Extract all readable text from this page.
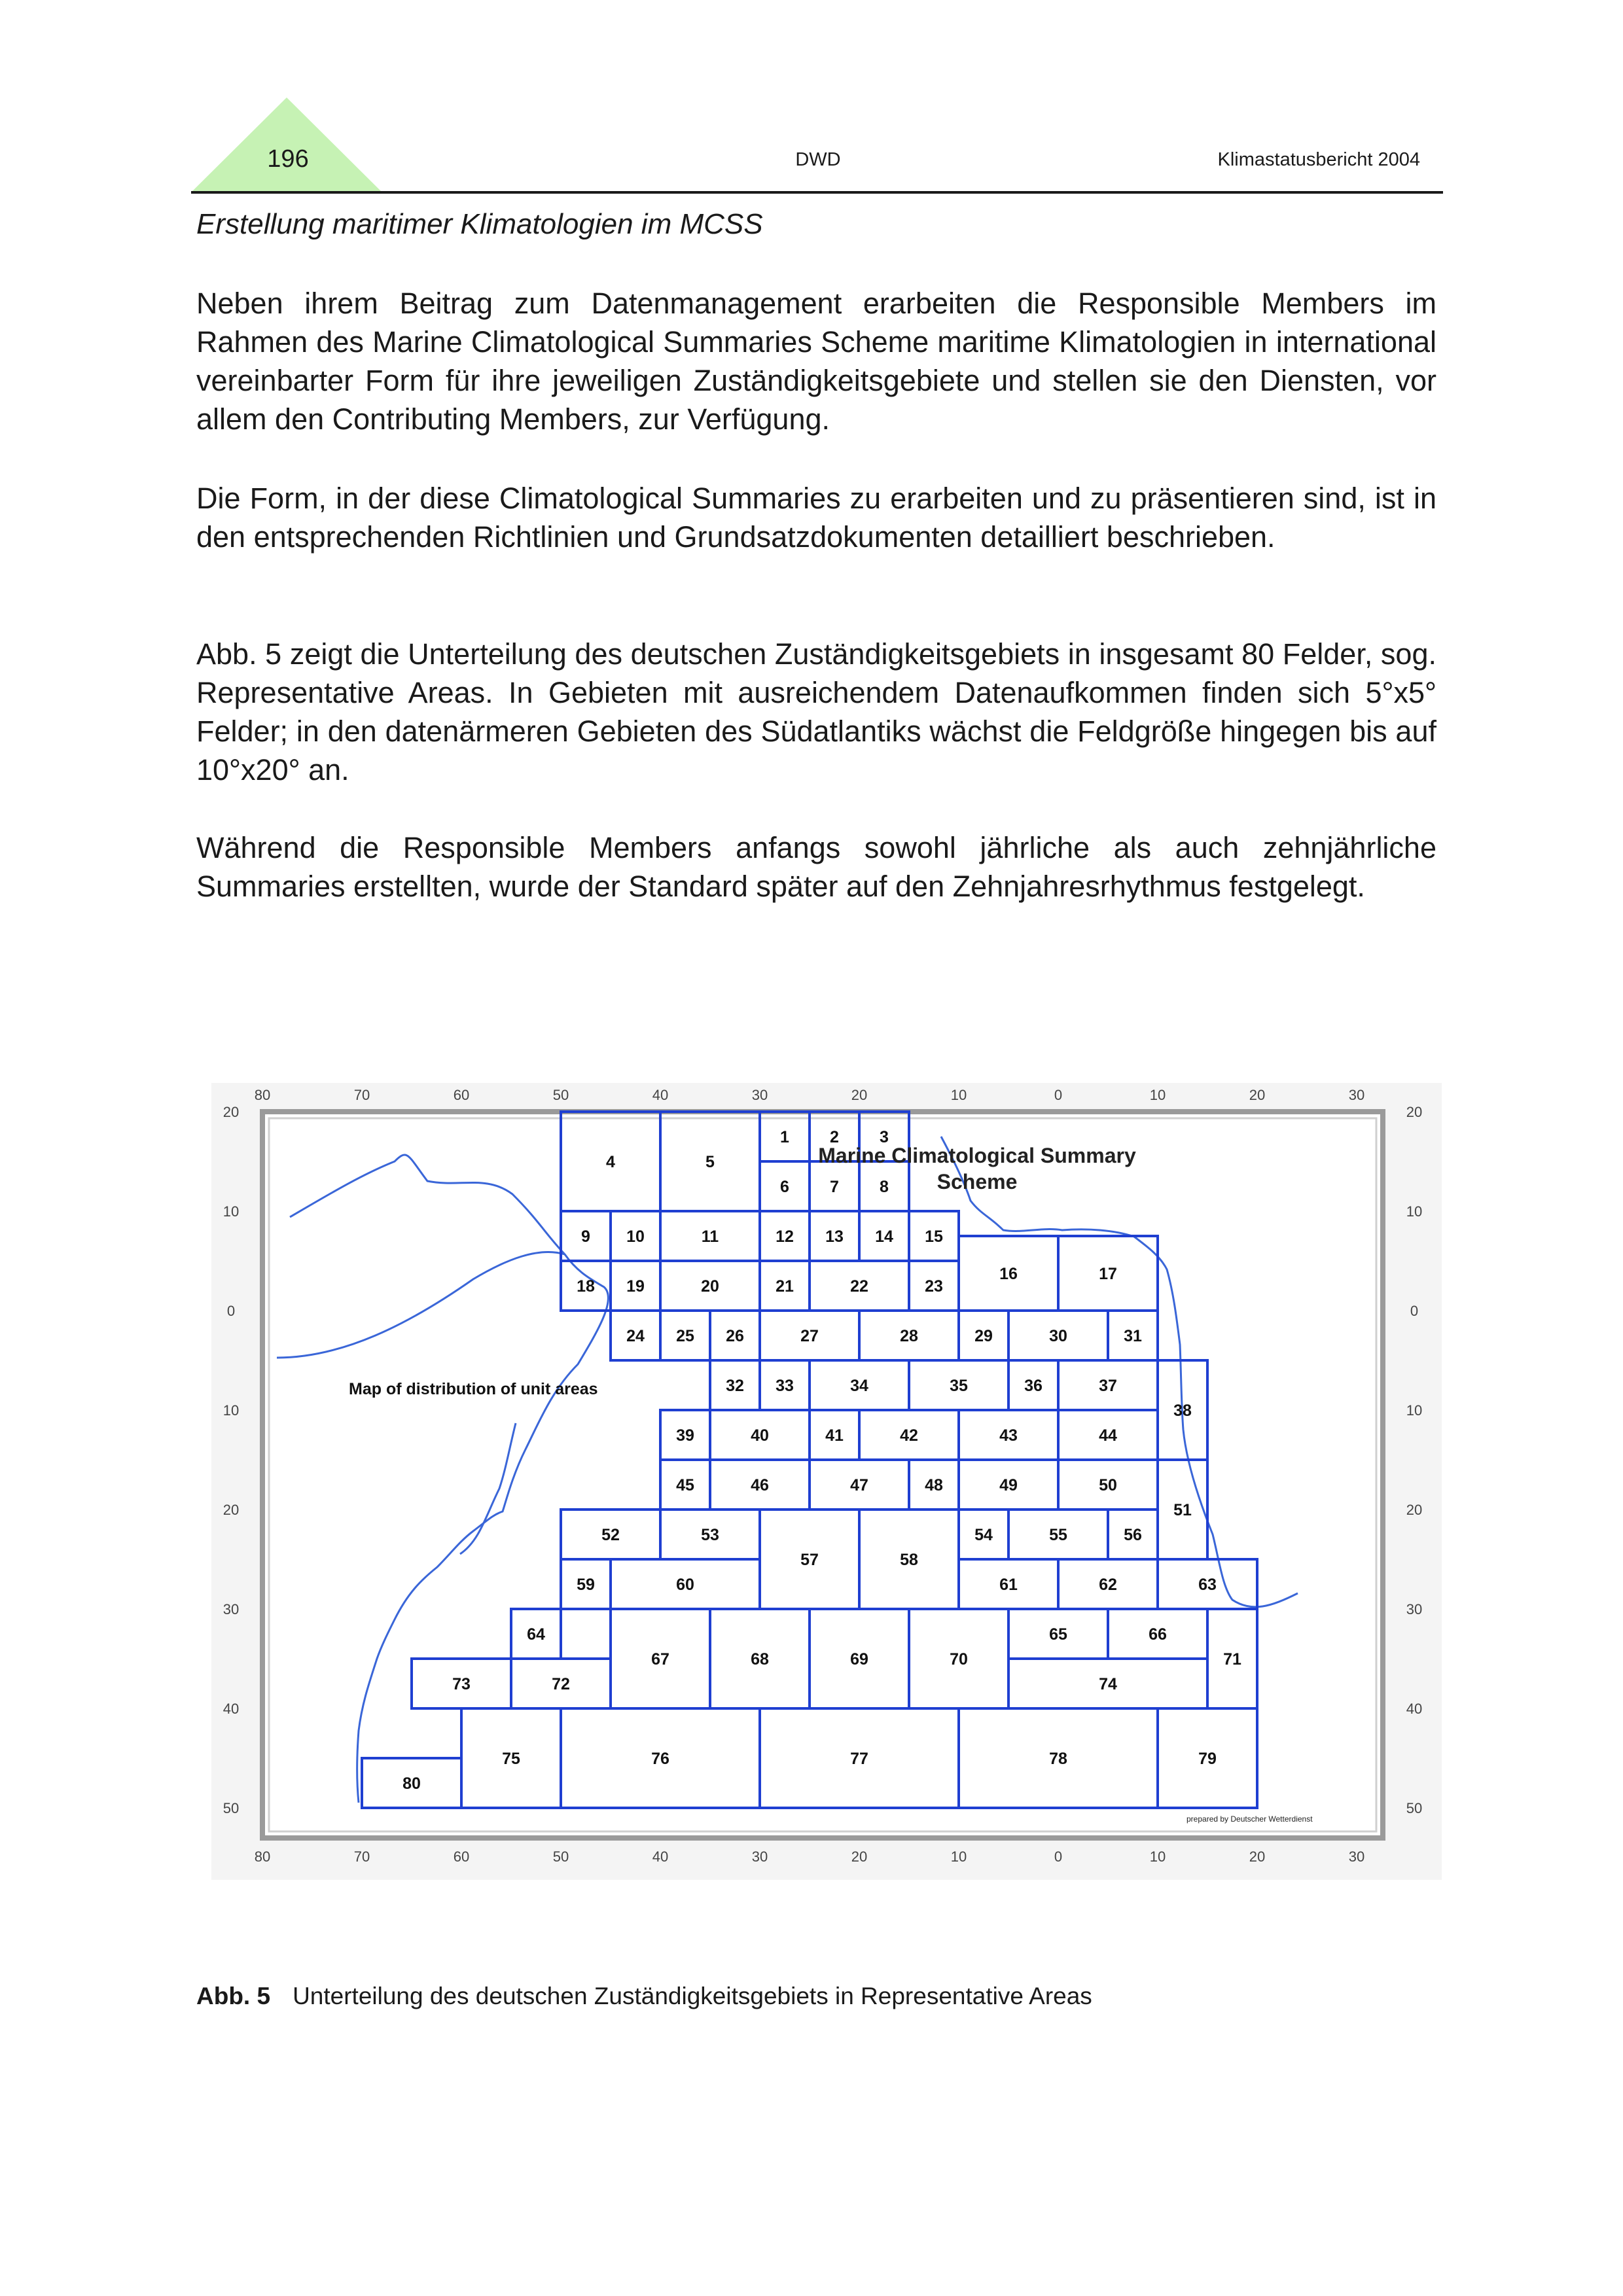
196	DWD	Klimastatusbericht 2004
Erstellung maritimer Klimatologien im MCSS

Neben ihrem Beitrag zum Datenmanagement erarbeiten die Responsible Members im Rahmen des Marine Climatological Summaries Scheme maritime Klimatologien in international vereinbarter Form für ihre jeweiligen Zuständigkeitsgebiete und stellen sie den Diensten, vor allem den Contributing Members, zur Verfügung.

Die Form, in der diese Climatological Summaries zu erarbeiten und zu präsentieren sind, ist in den entsprechenden Richtlinien und Grundsatzdokumenten detailliert beschrieben.

Abb. 5 zeigt die Unterteilung des deutschen Zuständigkeitsgebiets in insgesamt 80 Felder, sog. Representative Areas. In Gebieten mit ausreichendem Datenaufkommen finden sich 5°x5° Felder; in den datenärmeren Gebieten des Südatlantiks wächst die Feldgröße hingegen bis auf 10°x20° an.

Während die Responsible Members anfangs sowohl jährliche als auch zehnjährliche Summaries erstellten, wurde der Standard später auf den Zehnjahresrhythmus festgelegt.

80
80
70
70
60
60
50
50
40
40
30
30
20
20
10
10
0
0
10
10
20
20
30
30
20	20
10	10
0	0
10	10
20	20
30	30
40	40
50	50
1 2 3
4	5
6 7 8
9 10	11	12 13 14 15
16	17
18 19	20	21	22	23
24 25 26	27	28	29	30	31
32 33	34	35	36	37
38
39	40	41	42	43	44
45	46	47	48	49	50
51
52	53	54	55	56
57	58
59	60	61	62	63
64	65	66
67	68	69	70	71
72
73	74
75	76	77	78	79
80
Marine Climatological Summary
Scheme
Map of distribution of unit areas
prepared by Deutscher Wetterdienst
Abb. 5 Unterteilung des deutschen Zuständigkeitsgebiets in Representative Areas
